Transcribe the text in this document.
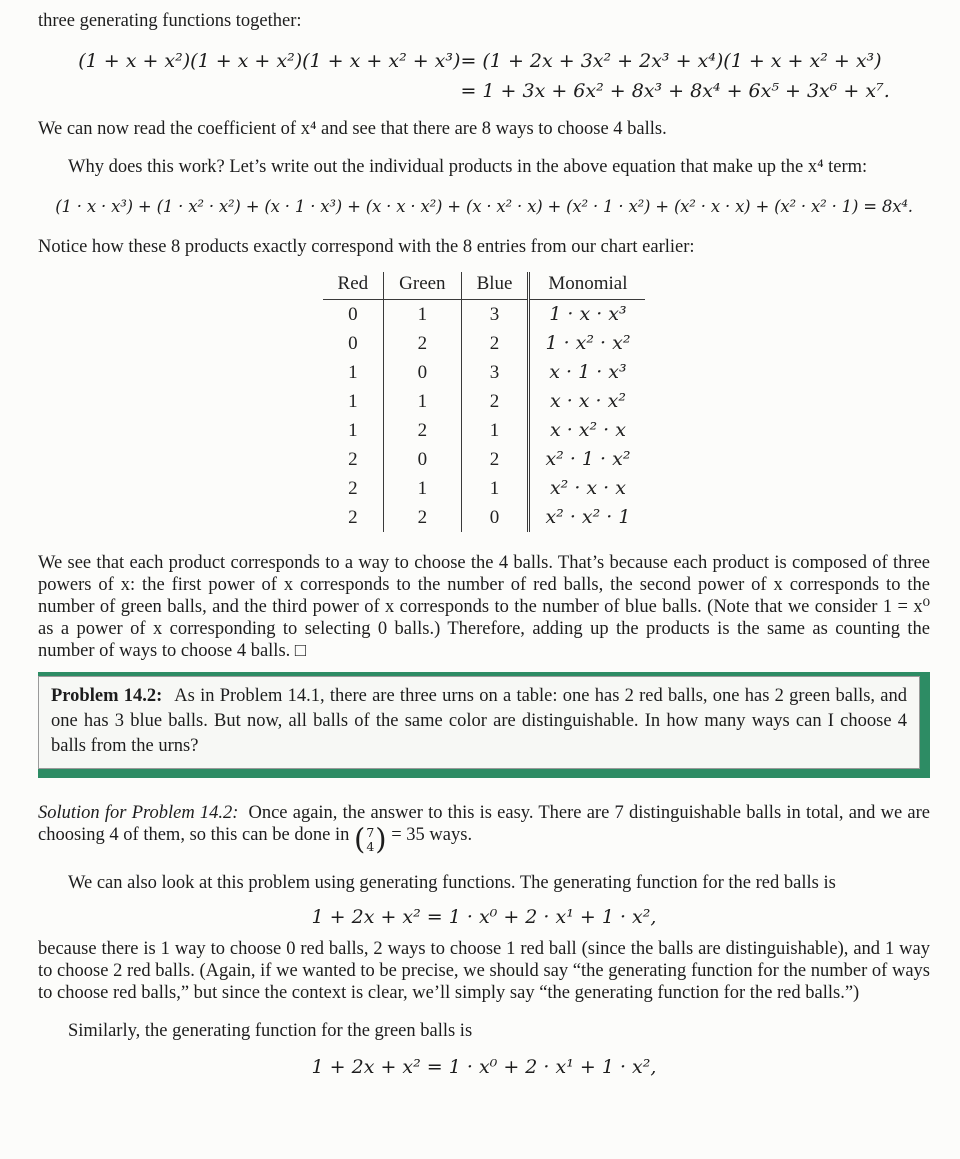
three generating functions together:

(1 + x + x²)(1 + x + x²)(1 + x + x² + x³) = (1 + 2x + 3x² + 2x³ + x⁴)(1 + x + x² + x³)
= 1 + 3x + 6x² + 8x³ + 8x⁴ + 6x⁵ + 3x⁶ + x⁷.

We can now read the coefficient of x⁴ and see that there are 8 ways to choose 4 balls.

Why does this work? Let’s write out the individual products in the above equation that make up the x⁴ term:

(1 · x · x³) + (1 · x² · x²) + (x · 1 · x³) + (x · x · x²) + (x · x² · x) + (x² · 1 · x²) + (x² · x · x) + (x² · x² · 1) = 8x⁴.

Notice how these 8 products exactly correspond with the 8 entries from our chart earlier:

Red	Green	Blue	Monomial
0	1	3	1 · x · x³
0	2	2	1 · x² · x²
1	0	3	x · 1 · x³
1	1	2	x · x · x²
1	2	1	x · x² · x
2	0	2	x² · 1 · x²
2	1	1	x² · x · x
2	2	0	x² · x² · 1

We see that each product corresponds to a way to choose the 4 balls. That’s because each product is composed of three powers of x: the first power of x corresponds to the number of red balls, the second power of x corresponds to the number of green balls, and the third power of x corresponds to the number of blue balls. (Note that we consider 1 = x⁰ as a power of x corresponding to selecting 0 balls.) Therefore, adding up the products is the same as counting the number of ways to choose 4 balls. □

Problem 14.2: As in Problem 14.1, there are three urns on a table: one has 2 red balls, one has 2 green balls, and one has 3 blue balls. But now, all balls of the same color are distinguishable. In how many ways can I choose 4 balls from the urns?

Solution for Problem 14.2: Once again, the answer to this is easy. There are 7 distinguishable balls in total, and we are choosing 4 of them, so this can be done in ( 7
4 ) = 35 ways.

We can also look at this problem using generating functions. The generating function for the red balls is

1 + 2x + x² = 1 · x⁰ + 2 · x¹ + 1 · x²,

because there is 1 way to choose 0 red balls, 2 ways to choose 1 red ball (since the balls are distinguishable), and 1 way to choose 2 red balls. (Again, if we wanted to be precise, we should say “the generating function for the number of ways to choose red balls,” but since the context is clear, we’ll simply say “the generating function for the red balls.”)

Similarly, the generating function for the green balls is

1 + 2x + x² = 1 · x⁰ + 2 · x¹ + 1 · x²,
